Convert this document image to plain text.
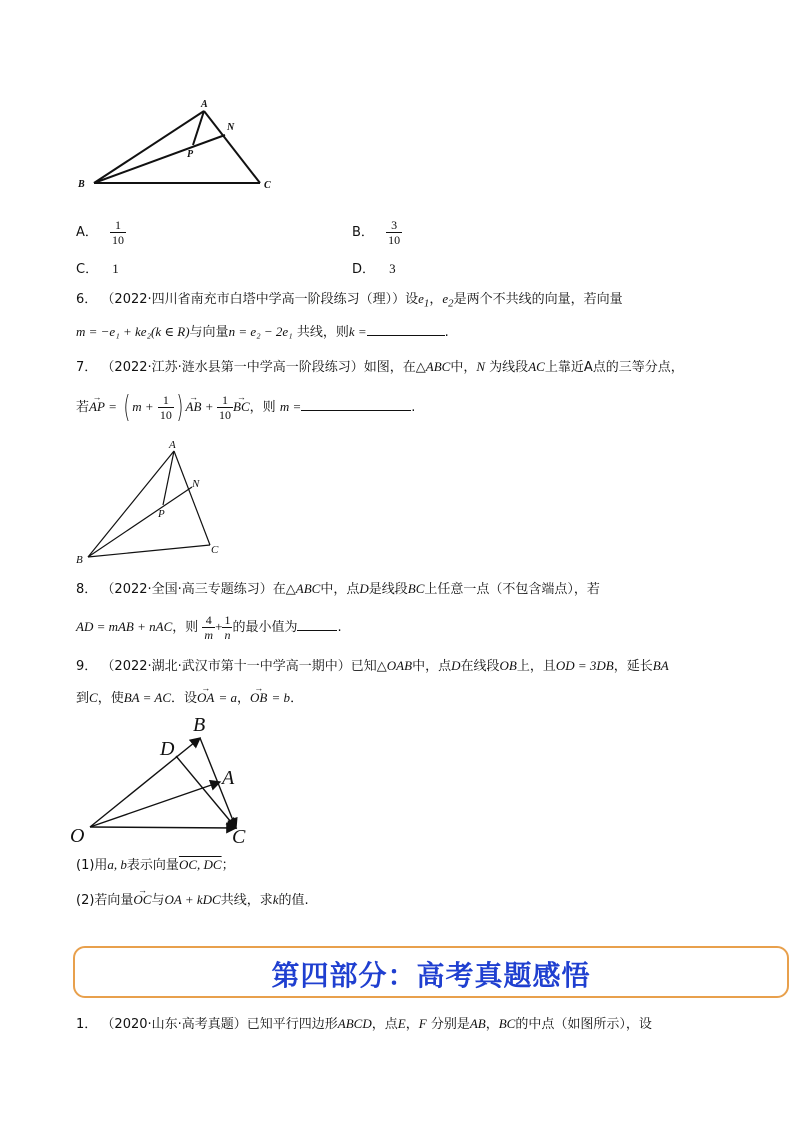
A
N
P
B	C
A． $\frac{1}{10}$	B． $\frac{3}{10}$
C． 1	D． 3
6． （2022·四川省南充市白塔中学高一阶段练习（理））设$e_1$，$e_2$是两个不共线的向量，若向量
m = −e₁ + ke₂(k ∈ R)与向量n = e₂ − 2e₁ 共线，则k =	.
7． （2022·江苏·涟水县第一中学高一阶段练习）如图，在△ABC中，N 为线段AC上靠近A点的三等分点，
若→ AP = ( $m + \frac{1}{10}$ ) → AB + $\frac{1}{10}$ → BC，则 m =	.
A
N
P
B
C
8． （2022·全国·高三专题练习）在△ABC中，点D是线段BC上任意一点（不包含端点），若
AD = mAB + nAC，则 $\frac{4}{m} + \frac{1}{n}$ 的最小值为	.
9． （2022·湖北·武汉市第十一中学高一期中）已知△OAB中，点D在线段OB上，且OD = 3DB，延长BA
到C，使BA = AC．设→ OA = a，→ OB = b．
B
D
A
O	C
(1)用a, b表示向量OC, DC；
(2)若向量→ OC与OA + kDC共线，求k的值.
第四部分：高考真题感悟
1． （2020·山东·高考真题）已知平行四边形ABCD，点E，F 分别是AB，BC的中点（如图所示），设
